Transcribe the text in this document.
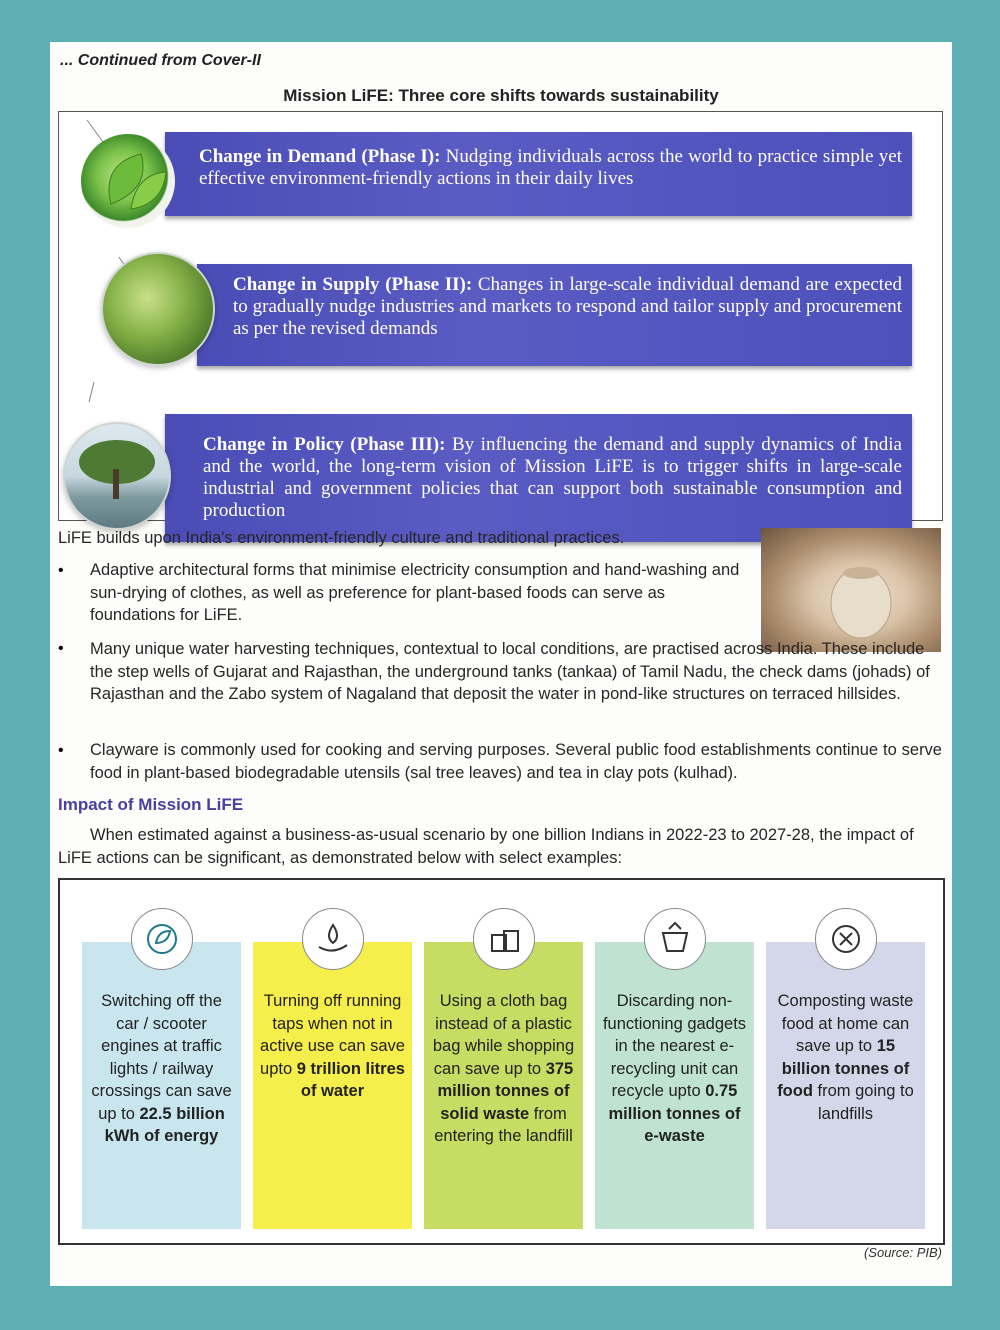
... Continued from Cover-II
Mission LiFE: Three core shifts towards sustainability
Change in Demand (Phase I): Nudging individuals across the world to practice simple yet effective environment-friendly actions in their daily lives
Change in Supply (Phase II): Changes in large-scale individual demand are expected to gradually nudge industries and markets to respond and tailor supply and procurement as per the revised demands
Change in Policy (Phase III): By influencing the demand and supply dynamics of India and the world, the long-term vision of Mission LiFE is to trigger shifts in large-scale industrial and government policies that can support both sustainable consumption and production
LiFE builds upon India's environment-friendly culture and traditional practices.
• Adaptive architectural forms that minimise electricity consumption and hand-washing and sun-drying of clothes, as well as preference for plant-based foods can serve as foundations for LiFE.
• Many unique water harvesting techniques, contextual to local conditions, are practised across India. These include the step wells of Gujarat and Rajasthan, the underground tanks (tankaa) of Tamil Nadu, the check dams (johads) of Rajasthan and the Zabo system of Nagaland that deposit the water in pond-like structures on terraced hillsides.
• Clayware is commonly used for cooking and serving purposes. Several public food establishments continue to serve food in plant-based biodegradable utensils (sal tree leaves) and tea in clay pots (kulhad).
Impact of Mission LiFE
When estimated against a business-as-usual scenario by one billion Indians in 2022-23 to 2027-28, the impact of LiFE actions can be significant, as demonstrated below with select examples:
Switching off the car / scooter engines at traffic lights / railway crossings can save up to 22.5 billion kWh of energy
Turning off running taps when not in active use can save upto 9 trillion litres of water
Using a cloth bag instead of a plastic bag while shopping can save up to 375 million tonnes of solid waste from entering the landfill
Discarding non-functioning gadgets in the nearest e-recycling unit can recycle upto 0.75 million tonnes of e-waste
Composting waste food at home can save up to 15 billion tonnes of food from going to landfills
(Source: PIB)
